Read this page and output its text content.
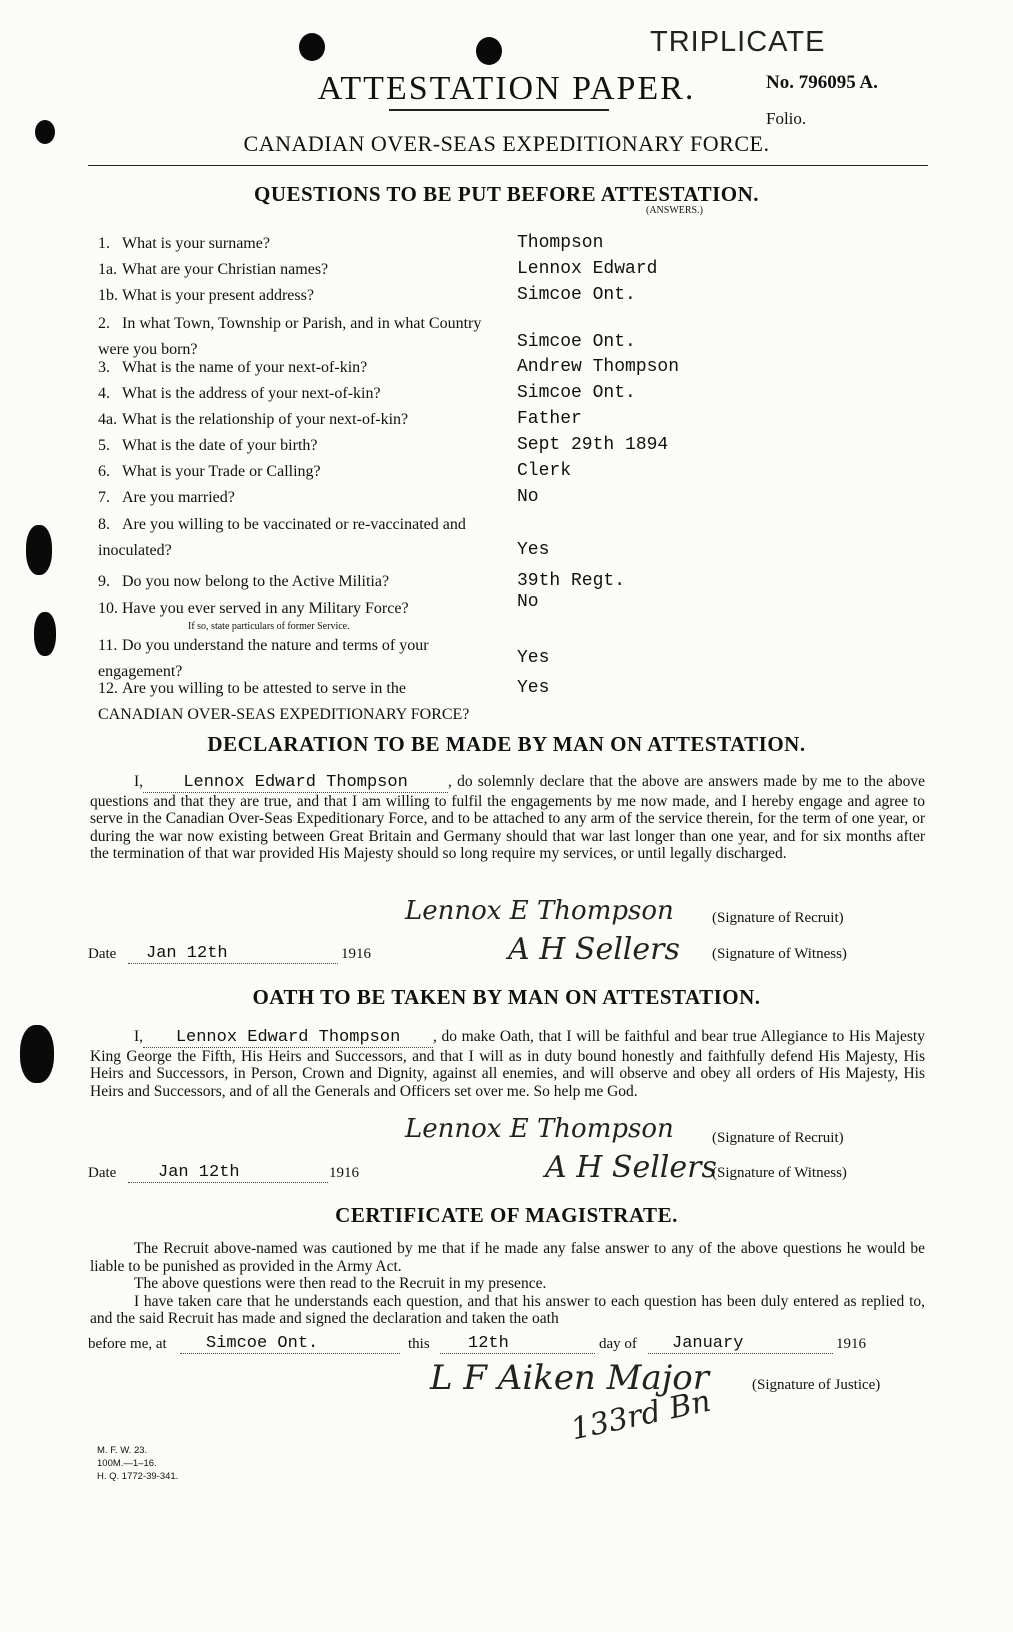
ATTESTATION PAPER.
TRIPLICATE
No. 796095 A.
Folio.
CANADIAN OVER-SEAS EXPEDITIONARY FORCE.
QUESTIONS TO BE PUT BEFORE ATTESTATION.
(ANSWERS.)
1. What is your surname?	Thompson
1a. What are your Christian names?	Lennox Edward
1b. What is your present address?	Simcoe Ont.
2. In what Town, Township or Parish, and in what Country were you born?	Simcoe Ont.
3. What is the name of your next-of-kin?	Andrew Thompson
4. What is the address of your next-of-kin?	Simcoe Ont.
4a. What is the relationship of your next-of-kin?	Father
5. What is the date of your birth?	Sept 29th 1894
6. What is your Trade or Calling?	Clerk
7. Are you married?	No
8. Are you willing to be vaccinated or re-vaccinated and inoculated?	Yes
9. Do you now belong to the Active Militia?	39th Regt.
10. Have you ever served in any Military Force?
If so, state particulars of former Service.
No
11. Do you understand the nature and terms of your engagement?
Yes
12. Are you willing to be attested to serve in the CANADIAN OVER-SEAS EXPEDITIONARY FORCE?
Yes
DECLARATION TO BE MADE BY MAN ON ATTESTATION.
I, Lennox Edward Thompson	, do solemnly declare that the above are answers made by me to the above questions and that they are true, and that I am willing to fulfil the engagements by me now made, and I hereby engage and agree to serve in the Canadian Over-Seas Expeditionary Force, and to be attached to any arm of the service therein, for the term of one year, or during the war now existing between Great Britain and Germany should that war last longer than one year, and for six months after the termination of that war provided His Majesty should so long require my services, or until legally discharged.
Lennox E Thompson	(Signature of Recruit)
Date	Jan 12th	1916	A H Sellers (Signature of Witness)
OATH TO BE TAKEN BY MAN ON ATTESTATION.
I, Lennox Edward Thompson , do make Oath, that I will be faithful and bear true Allegiance to His Majesty King George the Fifth, His Heirs and Successors, and that I will as in duty bound honestly and faithfully defend His Majesty, His Heirs and Successors, in Person, Crown and Dignity, against all enemies, and will observe and obey all orders of His Majesty, His Heirs and Successors, and of all the Generals and Officers set over me. So help me God.
Lennox E Thompson	(Signature of Recruit)
Date	Jan 12th	1916	A H Sellers
(Signature of Witness)
CERTIFICATE OF MAGISTRATE.
The Recruit above-named was cautioned by me that if he made any false answer to any of the above questions he would be liable to be punished as provided in the Army Act.
The above questions were then read to the Recruit in my presence.
I have taken care that he understands each question, and that his answer to each question has been duly entered as replied to, and the said Recruit has made and signed the declaration and taken the oath
before me, at	Simcoe Ont.	this	12th	day of	January	1916
L F Aiken Major
133rd Bn	(Signature of Justice)
M. F. W. 23.
100M.—1–16.
H. Q. 1772-39-341.
